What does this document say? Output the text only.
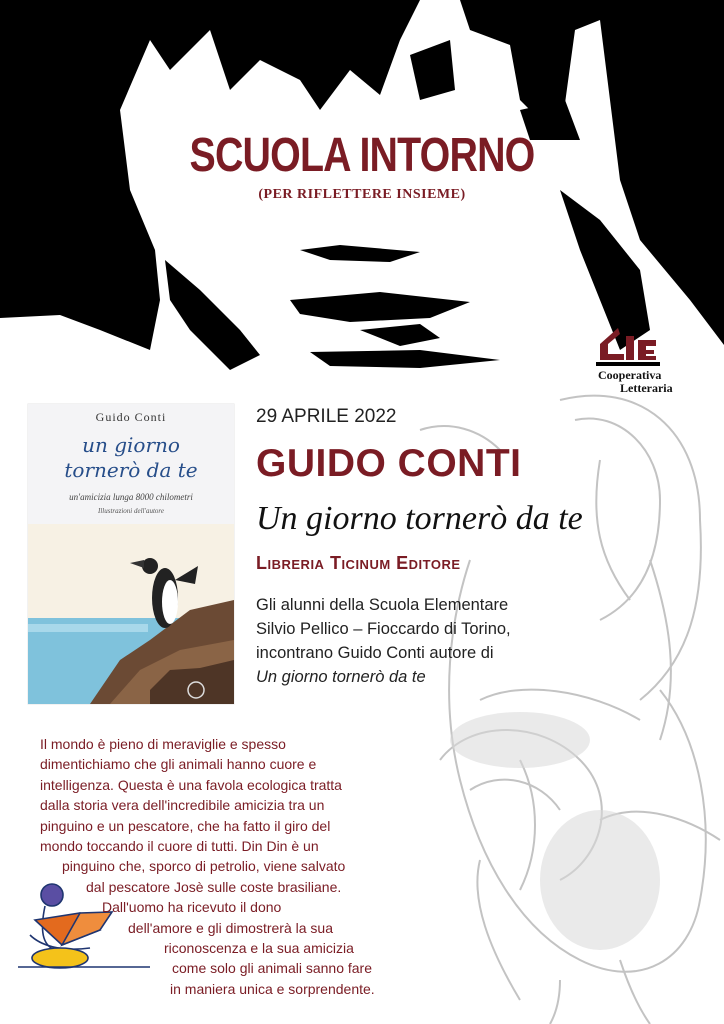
SCUOLA INTORNO
(PER RIFLETTERE INSIEME)
Cooperativa
Letteraria
Guido Conti
un giorno
tornerò da te
un'amicizia lunga 8000 chilometri
Illustrazioni dell'autore
29 APRILE 2022
GUIDO CONTI
Un giorno tornerò da te
Libreria Ticinum Editore

Gli alunni della Scuola Elementare

Silvio Pellico – Fioccardo di Torino,

incontrano Guido Conti autore di

Un giorno tornerò da te

Il mondo è pieno di meraviglie e spesso
dimentichiamo che gli animali hanno cuore e
intelligenza. Questa è una favola ecologica tratta
dalla storia vera dell'incredibile amicizia tra un
pinguino e un pescatore, che ha fatto il giro del
mondo toccando il cuore di tutti. Din Din è un
pinguino che, sporco di petrolio, viene salvato
dal pescatore Josè sulle coste brasiliane.
Dall'uomo ha ricevuto il dono
dell'amore e gli dimostrerà la sua
riconoscenza e la sua amicizia
come solo gli animali sanno fare
in maniera unica e sorprendente.
